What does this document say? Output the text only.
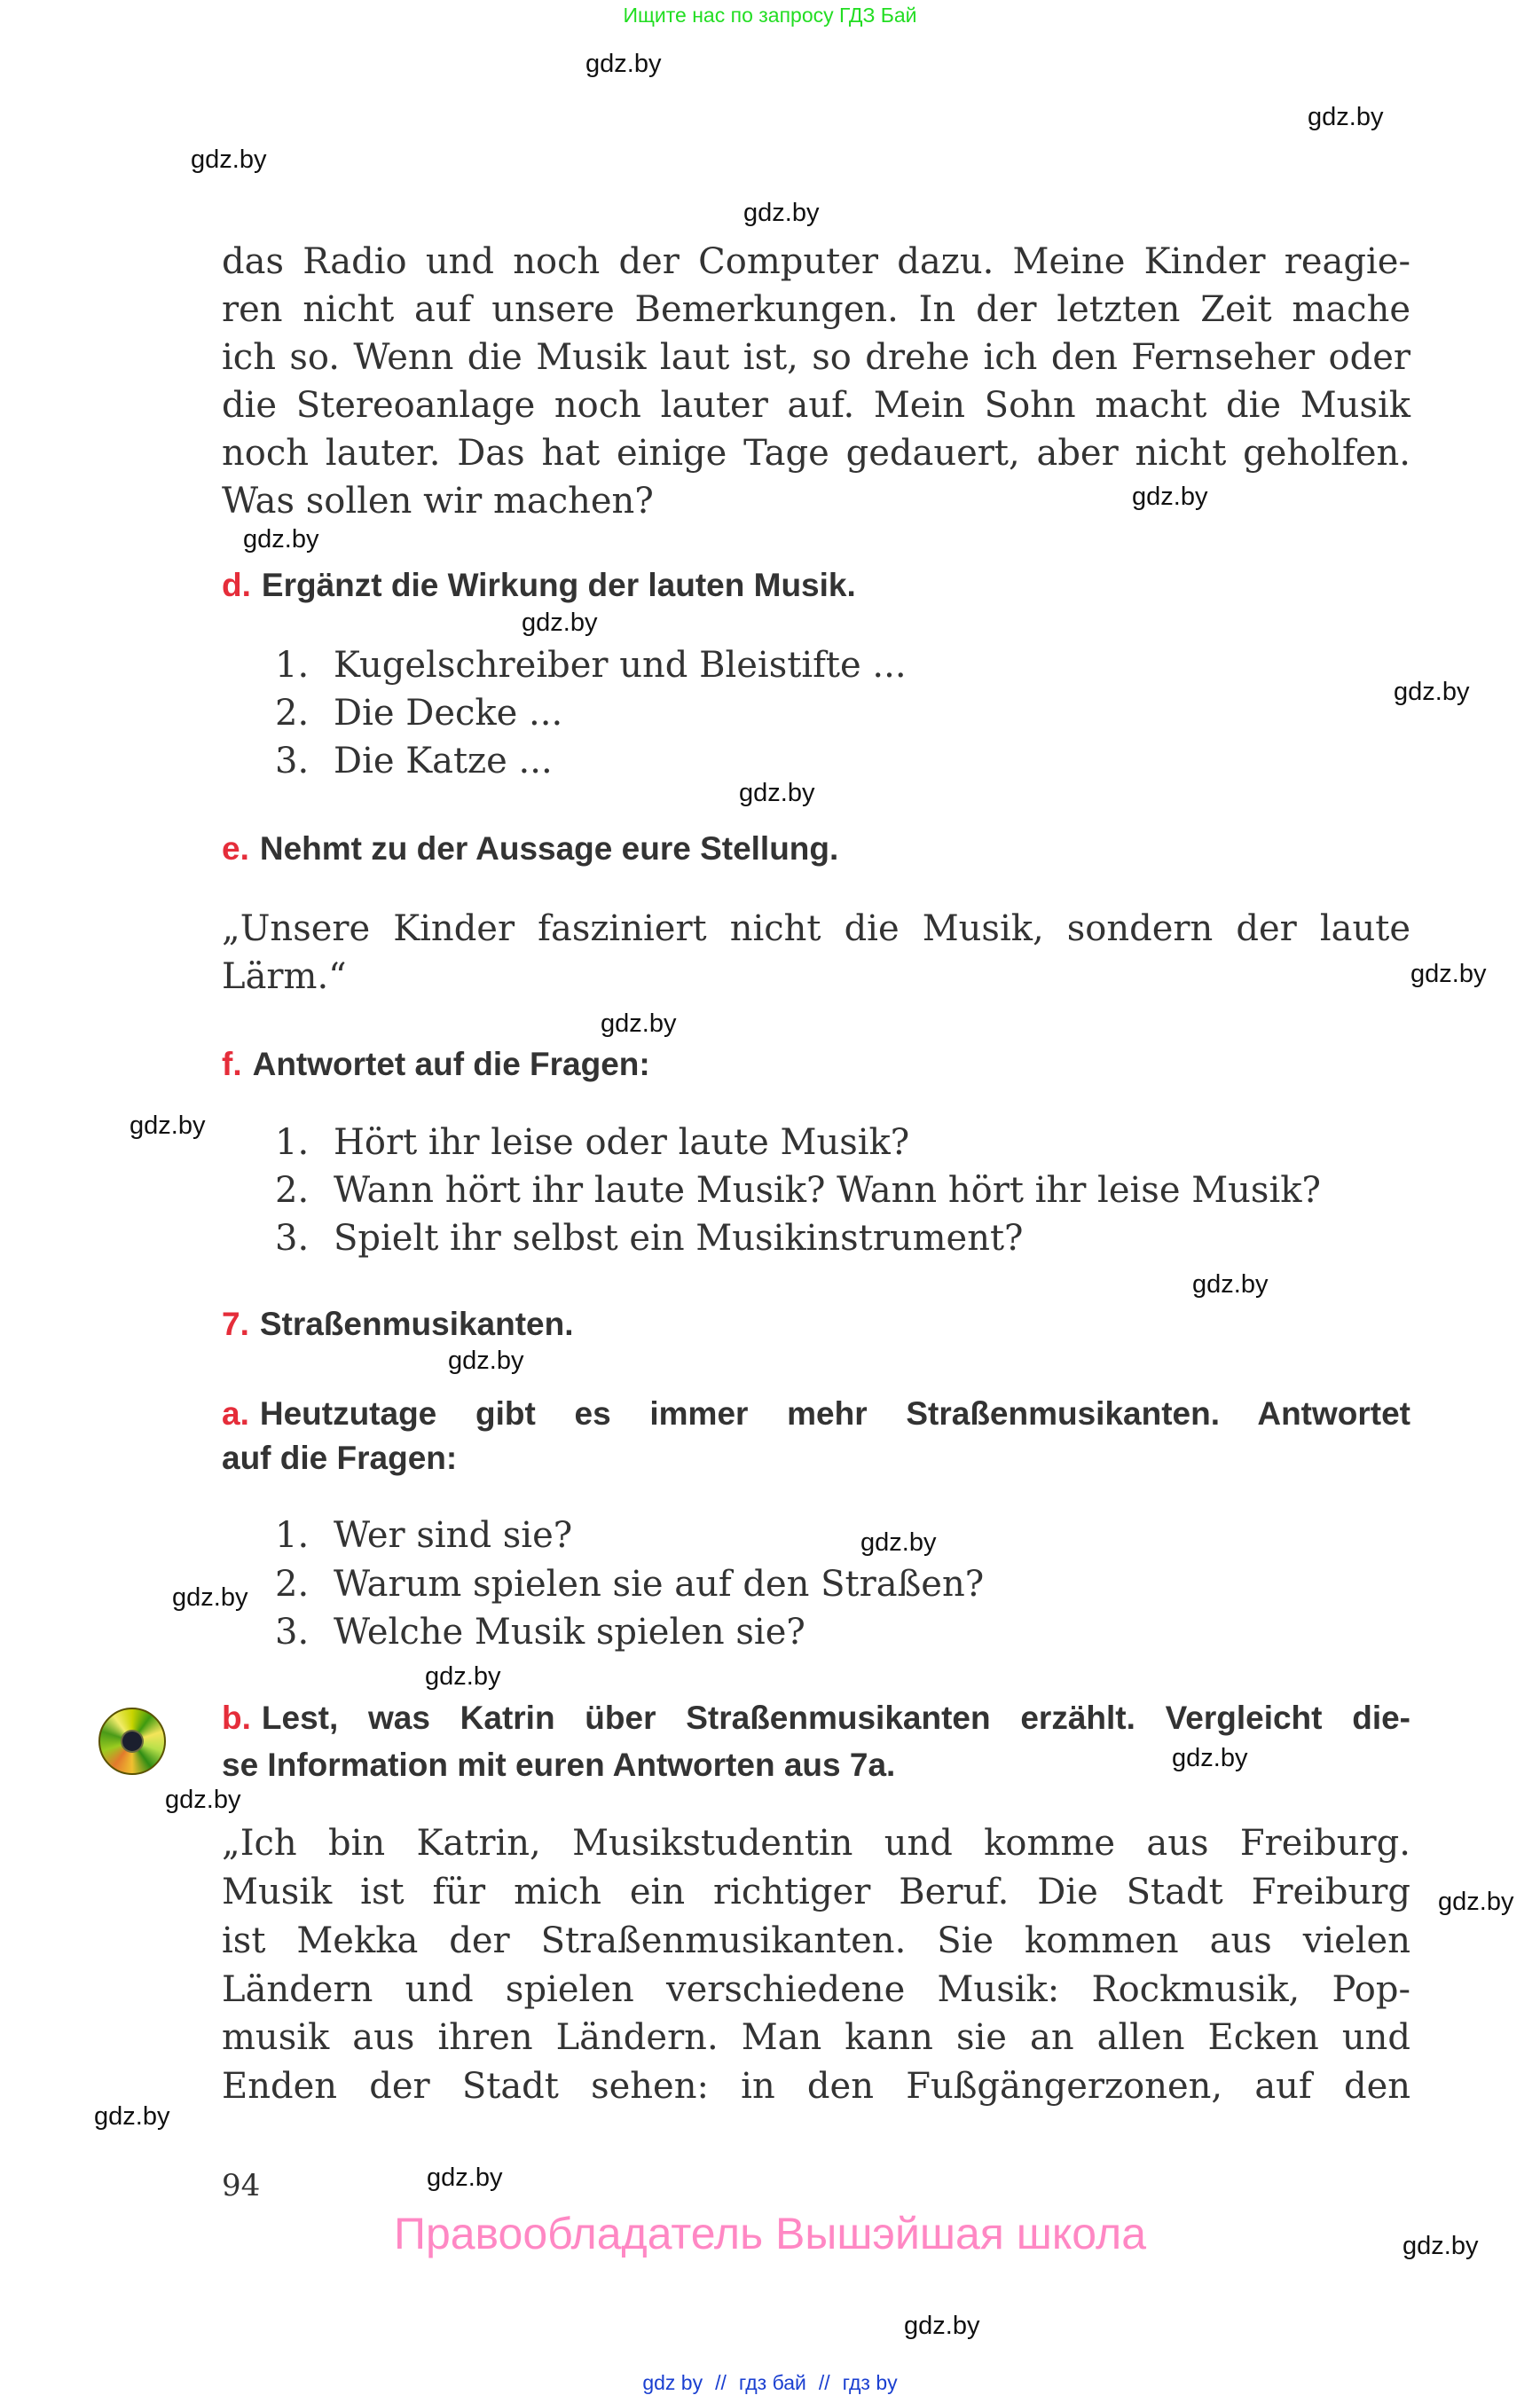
Ищите нас по запросу ГДЗ Бай
gdz.by
gdz.by
gdz.by
gdz.by
gdz.by
gdz.by
gdz.by
gdz.by
gdz.by
gdz.by
gdz.by
gdz.by
gdz.by
gdz.by
gdz.by
gdz.by
gdz.by
gdz.by
gdz.by
gdz.by
gdz.by
gdz.by
gdz.by
gdz.by
das Radio und noch der Computer dazu. Meine Kinder reagie-
ren nicht auf unsere Bemerkungen. In der letzten Zeit mache
ich so. Wenn die Musik laut ist, so drehe ich den Fernseher oder
die Stereoanlage noch lauter auf. Mein Sohn macht die Musik
noch lauter. Das hat einige Tage gedauert, aber nicht geholfen.
Was sollen wir machen?
d. Ergänzt die Wirkung der lauten Musik.
1. Kugelschreiber und Bleistifte ...
2. Die Decke ...
3. Die Katze ...
e. Nehmt zu der Aussage eure Stellung.
„Unsere Kinder fasziniert nicht die Musik, sondern der laute
Lärm.“
f. Antwortet auf die Fragen:
1. Hört ihr leise oder laute Musik?
2. Wann hört ihr laute Musik? Wann hört ihr leise Musik?
3. Spielt ihr selbst ein Musikinstrument?
7. Straßenmusikanten.
a. Heutzutage gibt es immer mehr Straßenmusikanten. Antwortet
auf die Fragen:
1. Wer sind sie?
2. Warum spielen sie auf den Straßen?
3. Welche Musik spielen sie?
b. Lest, was Katrin über Straßenmusikanten erzählt. Vergleicht die-
se Information mit euren Antworten aus 7a.
„Ich bin Katrin, Musikstudentin und komme aus Freiburg.
Musik ist für mich ein richtiger Beruf. Die Stadt Freiburg
ist Mekka der Straßenmusikanten. Sie kommen aus vielen
Ländern und spielen verschiedene Musik: Rockmusik, Pop-
musik aus ihren Ländern. Man kann sie an allen Ecken und
Enden der Stadt sehen: in den Fußgängerzonen, auf den
94
Правообладатель Вышэйшая школа
gdz by // гдз бай // гдз by
